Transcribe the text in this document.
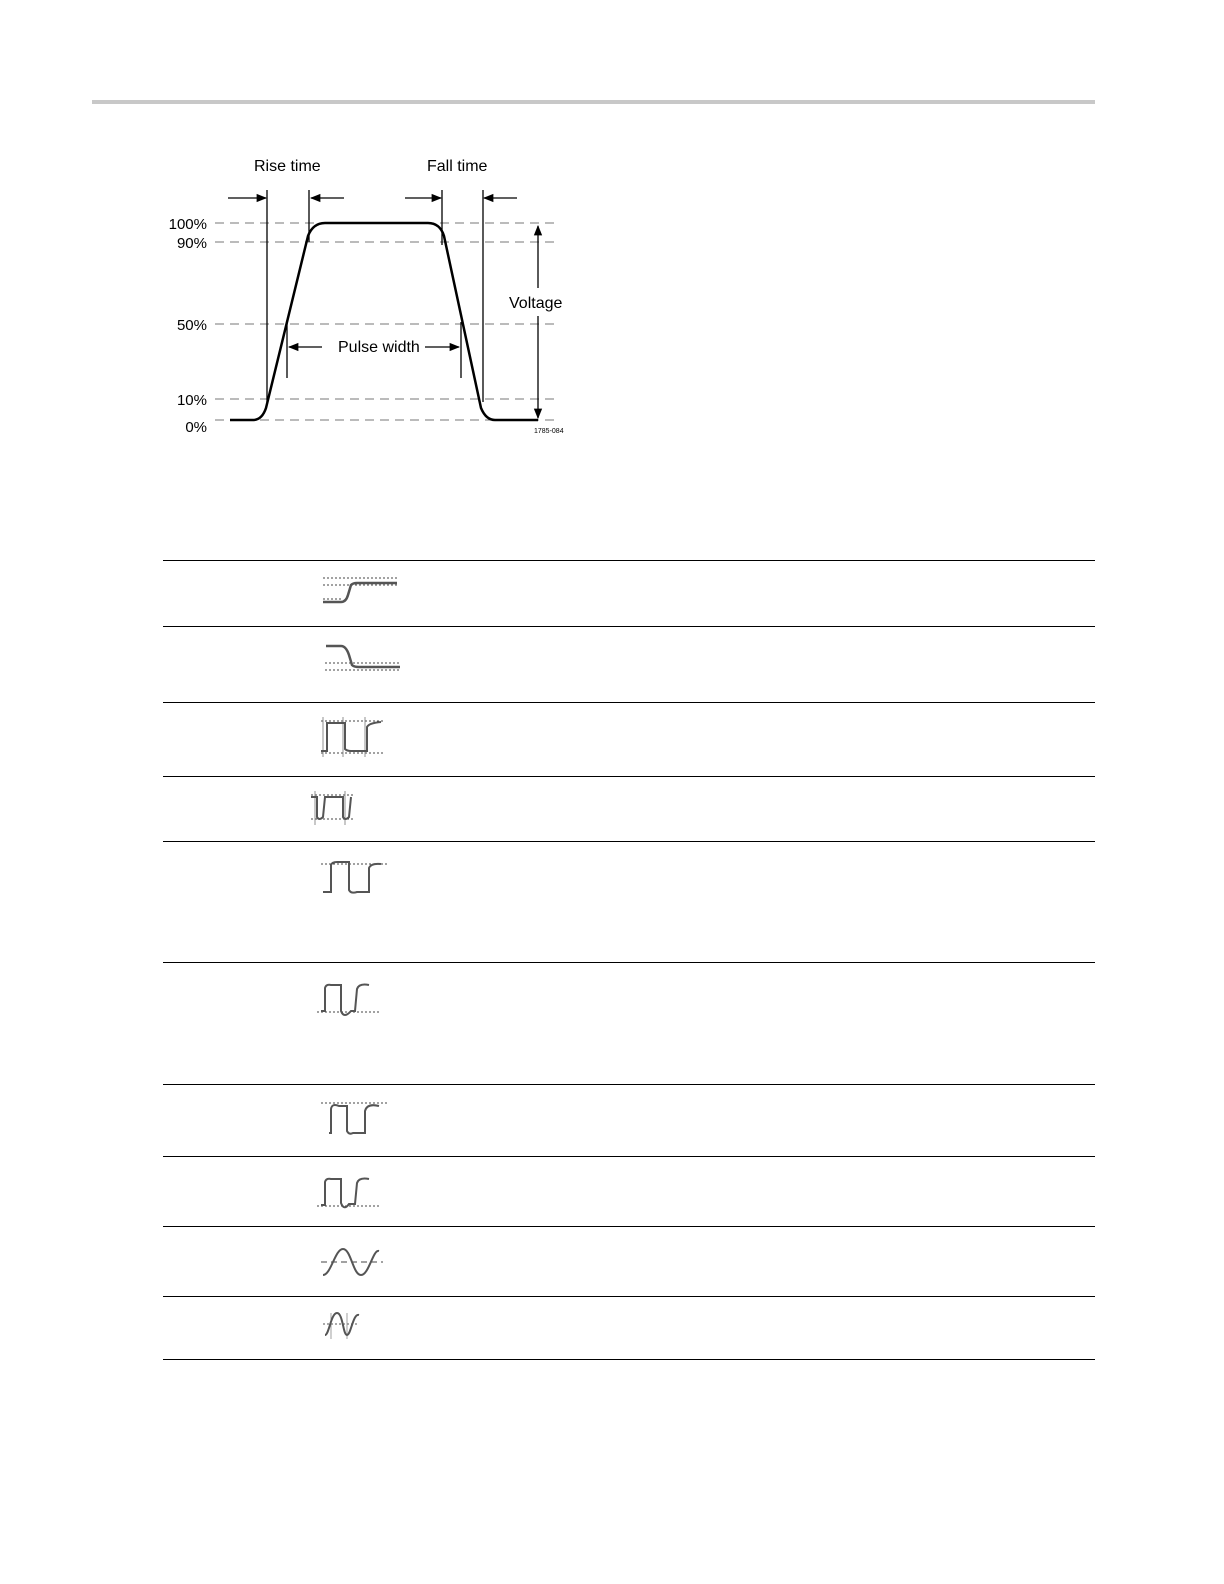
100%
90%
50%
10%
0%
Rise time	Fall time
Voltage
Pulse width
1785-084
